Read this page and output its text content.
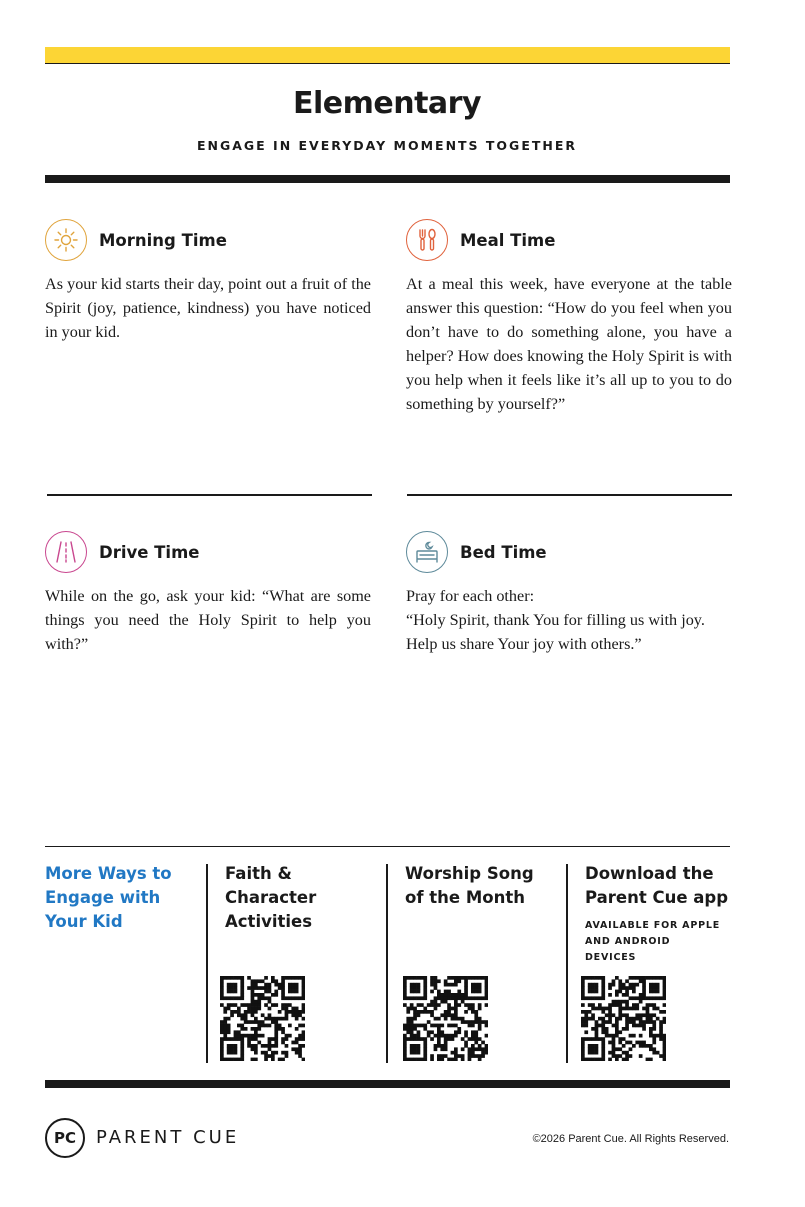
Elementary
ENGAGE IN EVERYDAY MOMENTS TOGETHER
Morning Time

As your kid starts their day, point out a fruit of the Spirit (joy, patience, kindness) you have noticed in your kid.

Meal Time

At a meal this week, have everyone at the table answer this question: “How do you feel when you don’t have to do something alone, you have a helper? How does knowing the Holy Spirit is with you help when it feels like it’s all up to you to do something by yourself?”

Drive Time

While on the go, ask your kid: “What are some things you need the Holy Spirit to help you with?”

Bed Time

Pray for each other:

“Holy Spirit, thank You for filling us with joy. Help us share Your joy with others.”

More Ways to Engage with Your Kid
Faith & Character Activities
Worship Song of the Month
Download the Parent Cue app
AVAILABLE FOR APPLE AND ANDROID DEVICES
PC PARENT CUE	©2026 Parent Cue. All Rights Reserved.
